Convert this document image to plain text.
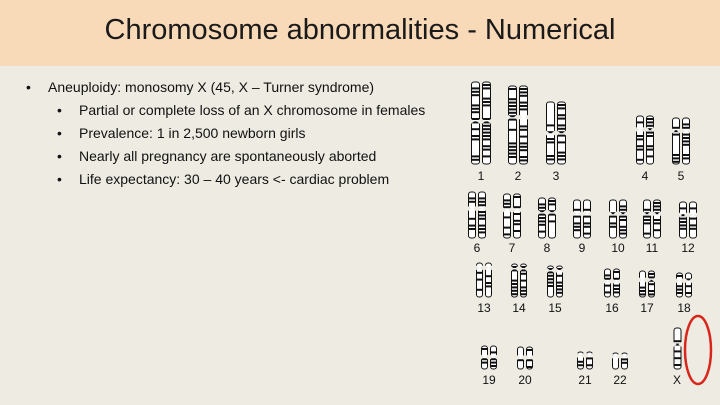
Chromosome abnormalities - Numerical
• Aneuploidy: monosomy X (45, X – Turner syndrome)
• Partial or complete loss of an X chromosome in females
• Prevalence: 1 in 2,500 newborn girls
• Nearly all pregnancy are spontaneously aborted
• Life expectancy: 30 – 40 years <- cardiac problem	1	2	3	4 5
6 7 8 9 10 11 12
13 14 15	16 17 18
19 20	21 22	X
